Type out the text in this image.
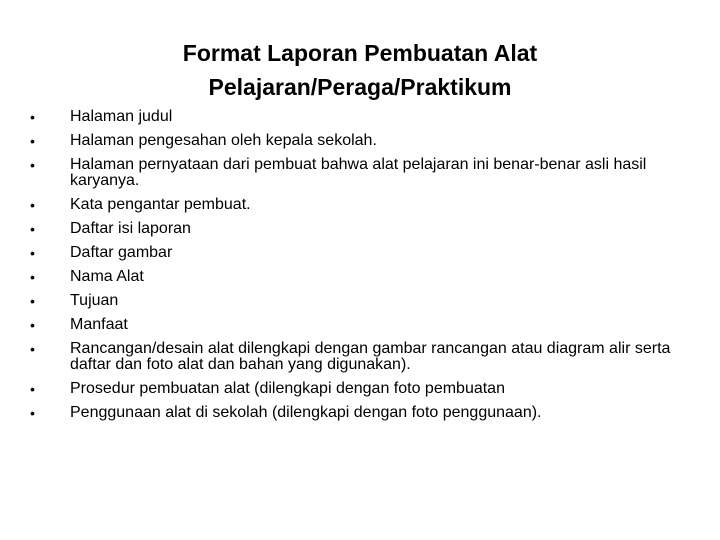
Format Laporan Pembuatan Alat
Pelajaran/Peraga/Praktikum
•	Halaman judul
•	Halaman pengesahan oleh kepala sekolah.
•	Halaman pernyataan dari pembuat bahwa alat pelajaran ini benar-benar asli hasil karyanya.
•	Kata pengantar pembuat.
•	Daftar isi laporan
•	Daftar gambar
•	Nama Alat
•	Tujuan
•	Manfaat
•	Rancangan/desain alat dilengkapi dengan gambar rancangan atau diagram alir serta daftar dan foto alat dan bahan yang digunakan).
•	Prosedur pembuatan alat (dilengkapi dengan foto pembuatan
•	Penggunaan alat di sekolah (dilengkapi dengan foto penggunaan).
